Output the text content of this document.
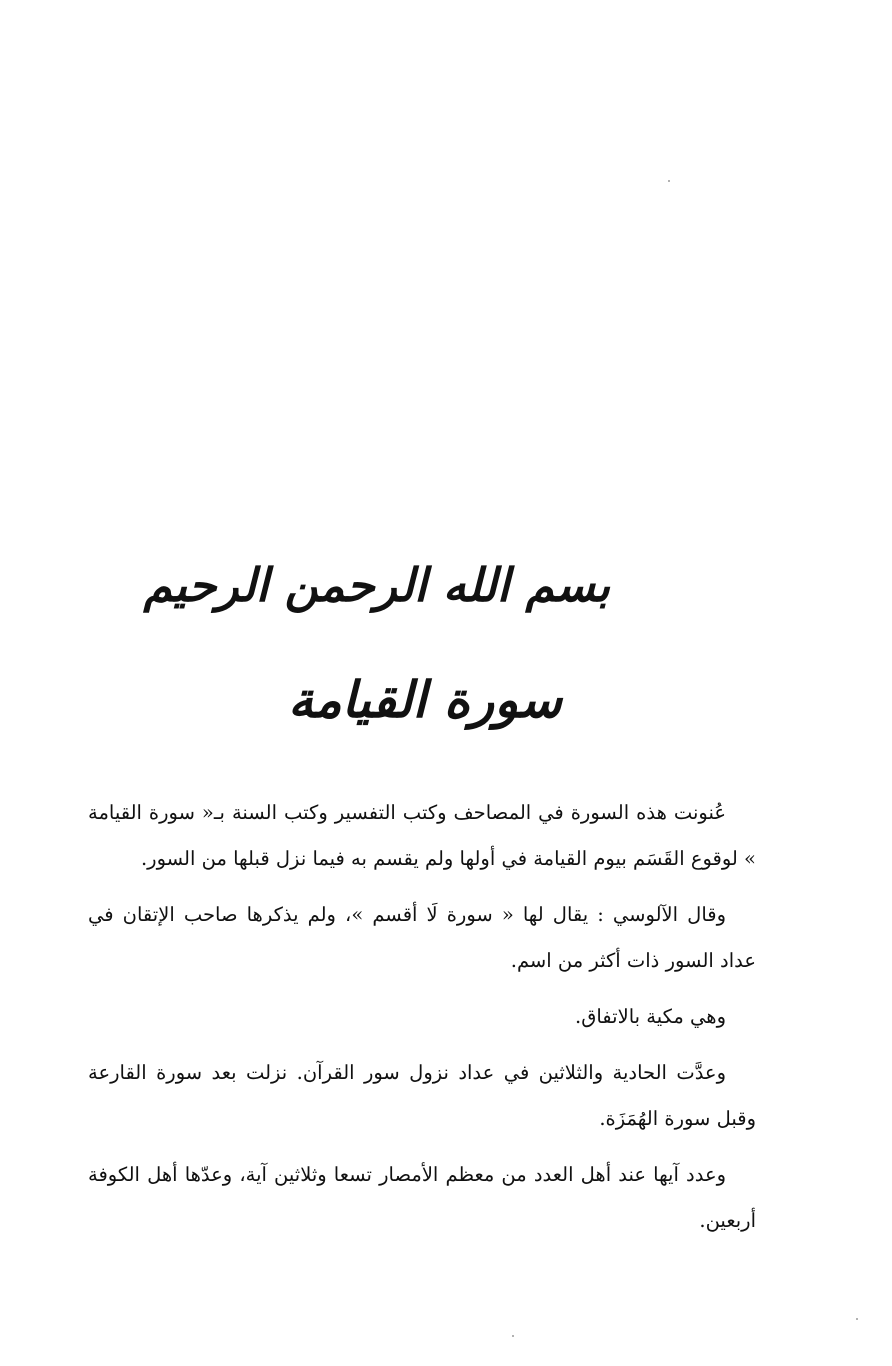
بسم الله الرحمن الرحيم
سورة القيامة

عُنونت هذه السورة في المصاحف وكتب التفسير وكتب السنة بـ« سورة القيامة » لوقوع القَسَم بيوم القيامة في أولها ولم يقسم به فيما نزل قبلها من السور.

وقال الآلوسي : يقال لها « سورة لَا أقسم »، ولم يذكرها صاحب الإتقان في عداد السور ذات أكثر من اسم.

وهي مكية بالاتفاق.

وعدَّت الحادية والثلاثين في عداد نزول سور القرآن. نزلت بعد سورة القارعة وقبل سورة الهُمَزَة.

وعدد آيها عند أهل العدد من معظم الأمصار تسعا وثلاثين آية، وعدّها أهل الكوفة أربعين.
